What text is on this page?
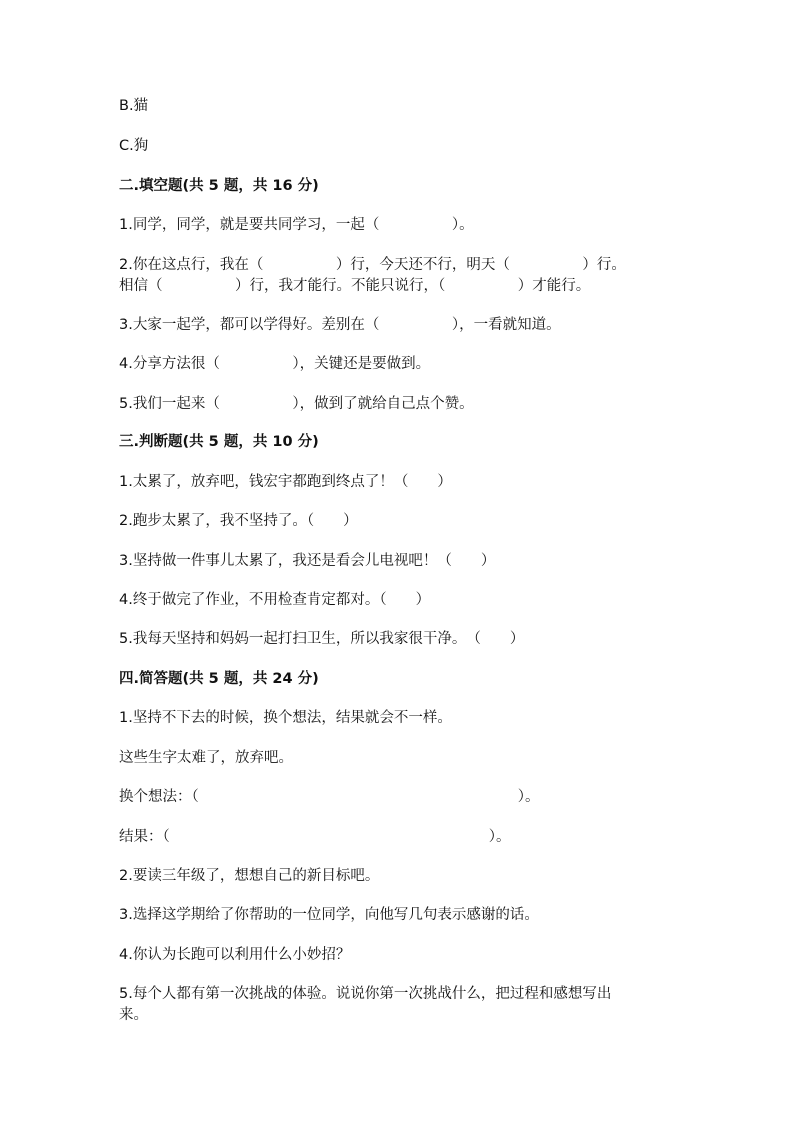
B.猫

C.狗

二.填空题(共 5 题，共 16 分)

1.同学，同学，就是要共同学习，一起（　　　　　）。

2.你在这点行，我在（　　　　　）行，今天还不行，明天（　　　　　）行。

相信（　　　　　）行，我才能行。不能只说行，（　　　　　）才能行。

3.大家一起学，都可以学得好。差别在（　　　　　），一看就知道。

4.分享方法很（　　　　　），关键还是要做到。

5.我们一起来（　　　　　），做到了就给自己点个赞。

三.判断题(共 5 题，共 10 分)

1.太累了，放弃吧，钱宏宇都跑到终点了！（　　）

2.跑步太累了，我不坚持了。（　　）

3.坚持做一件事儿太累了，我还是看会儿电视吧！（　　）

4.终于做完了作业，不用检查肯定都对。（　　）

5.我每天坚持和妈妈一起打扫卫生，所以我家很干净。　（　　）

四.简答题(共 5 题，共 24 分)

1.坚持不下去的时候，换个想法，结果就会不一样。

这些生字太难了，放弃吧。

换个想法：（　　　　　　　　　　　　　　　　　　　　　　）。

结果：（　　　　　　　　　　　　　　　　　　　　　　）。

2.要读三年级了，想想自己的新目标吧。

3.选择这学期给了你帮助的一位同学，向他写几句表示感谢的话。

4.你认为长跑可以利用什么小妙招？

5.每个人都有第一次挑战的体验。说说你第一次挑战什么，把过程和感想写出

来。
